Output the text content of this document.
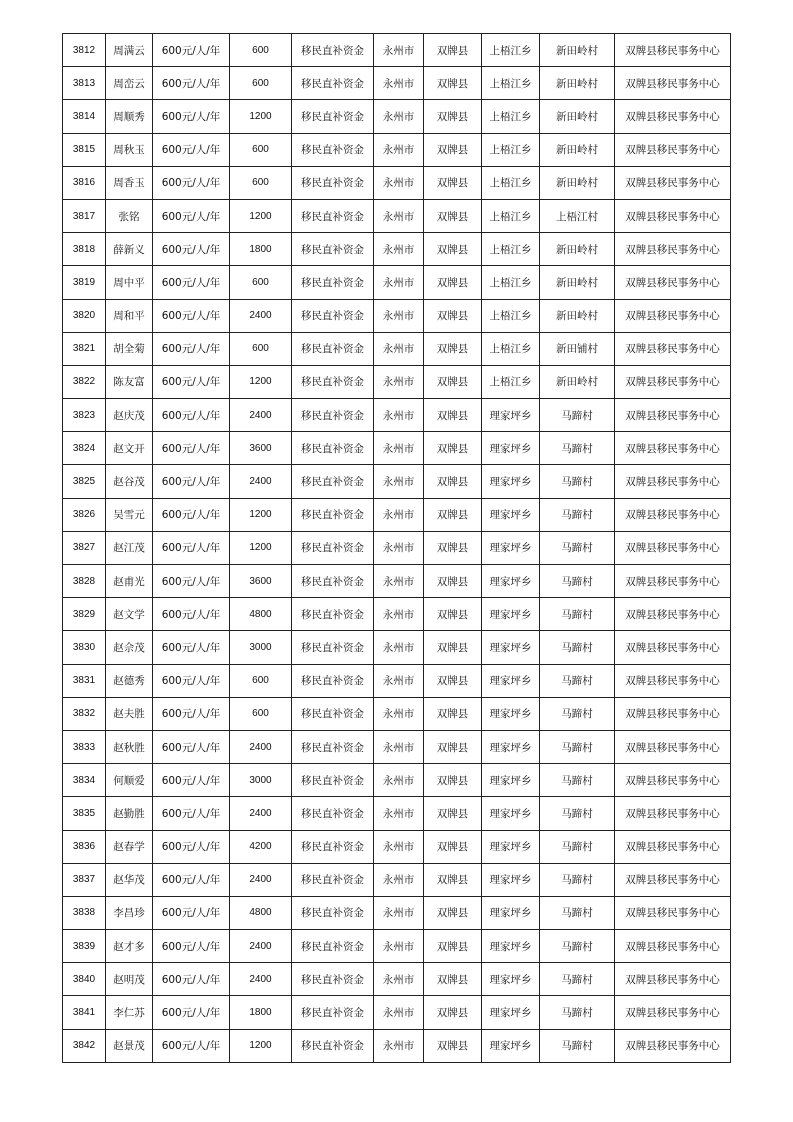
3812	周满云	600元/人/年	600	移民直补资金	永州市	双牌县	上梧江乡	新田岭村	双牌县移民事务中心
3813	周峦云	600元/人/年	600	移民直补资金	永州市	双牌县	上梧江乡	新田岭村	双牌县移民事务中心
3814	周顺秀	600元/人/年	1200	移民直补资金	永州市	双牌县	上梧江乡	新田岭村	双牌县移民事务中心
3815	周秋玉	600元/人/年	600	移民直补资金	永州市	双牌县	上梧江乡	新田岭村	双牌县移民事务中心
3816	周香玉	600元/人/年	600	移民直补资金	永州市	双牌县	上梧江乡	新田岭村	双牌县移民事务中心
3817	张铭	600元/人/年	1200	移民直补资金	永州市	双牌县	上梧江乡	上梧江村	双牌县移民事务中心
3818	薛新义	600元/人/年	1800	移民直补资金	永州市	双牌县	上梧江乡	新田岭村	双牌县移民事务中心
3819	周中平	600元/人/年	600	移民直补资金	永州市	双牌县	上梧江乡	新田岭村	双牌县移民事务中心
3820	周和平	600元/人/年	2400	移民直补资金	永州市	双牌县	上梧江乡	新田岭村	双牌县移民事务中心
3821	胡全菊	600元/人/年	600	移民直补资金	永州市	双牌县	上梧江乡	新田铺村	双牌县移民事务中心
3822	陈友富	600元/人/年	1200	移民直补资金	永州市	双牌县	上梧江乡	新田岭村	双牌县移民事务中心
3823	赵庆茂	600元/人/年	2400	移民直补资金	永州市	双牌县	理家坪乡	马蹄村	双牌县移民事务中心
3824	赵文开	600元/人/年	3600	移民直补资金	永州市	双牌县	理家坪乡	马蹄村	双牌县移民事务中心
3825	赵谷茂	600元/人/年	2400	移民直补资金	永州市	双牌县	理家坪乡	马蹄村	双牌县移民事务中心
3826	吴雪元	600元/人/年	1200	移民直补资金	永州市	双牌县	理家坪乡	马蹄村	双牌县移民事务中心
3827	赵江茂	600元/人/年	1200	移民直补资金	永州市	双牌县	理家坪乡	马蹄村	双牌县移民事务中心
3828	赵甫光	600元/人/年	3600	移民直补资金	永州市	双牌县	理家坪乡	马蹄村	双牌县移民事务中心
3829	赵文学	600元/人/年	4800	移民直补资金	永州市	双牌县	理家坪乡	马蹄村	双牌县移民事务中心
3830	赵佘茂	600元/人/年	3000	移民直补资金	永州市	双牌县	理家坪乡	马蹄村	双牌县移民事务中心
3831	赵德秀	600元/人/年	600	移民直补资金	永州市	双牌县	理家坪乡	马蹄村	双牌县移民事务中心
3832	赵夫胜	600元/人/年	600	移民直补资金	永州市	双牌县	理家坪乡	马蹄村	双牌县移民事务中心
3833	赵秋胜	600元/人/年	2400	移民直补资金	永州市	双牌县	理家坪乡	马蹄村	双牌县移民事务中心
3834	何顺爱	600元/人/年	3000	移民直补资金	永州市	双牌县	理家坪乡	马蹄村	双牌县移民事务中心
3835	赵勤胜	600元/人/年	2400	移民直补资金	永州市	双牌县	理家坪乡	马蹄村	双牌县移民事务中心
3836	赵春学	600元/人/年	4200	移民直补资金	永州市	双牌县	理家坪乡	马蹄村	双牌县移民事务中心
3837	赵华茂	600元/人/年	2400	移民直补资金	永州市	双牌县	理家坪乡	马蹄村	双牌县移民事务中心
3838	李昌珍	600元/人/年	4800	移民直补资金	永州市	双牌县	理家坪乡	马蹄村	双牌县移民事务中心
3839	赵才多	600元/人/年	2400	移民直补资金	永州市	双牌县	理家坪乡	马蹄村	双牌县移民事务中心
3840	赵明茂	600元/人/年	2400	移民直补资金	永州市	双牌县	理家坪乡	马蹄村	双牌县移民事务中心
3841	李仁苏	600元/人/年	1800	移民直补资金	永州市	双牌县	理家坪乡	马蹄村	双牌县移民事务中心
3842	赵景茂	600元/人/年	1200	移民直补资金	永州市	双牌县	理家坪乡	马蹄村	双牌县移民事务中心
